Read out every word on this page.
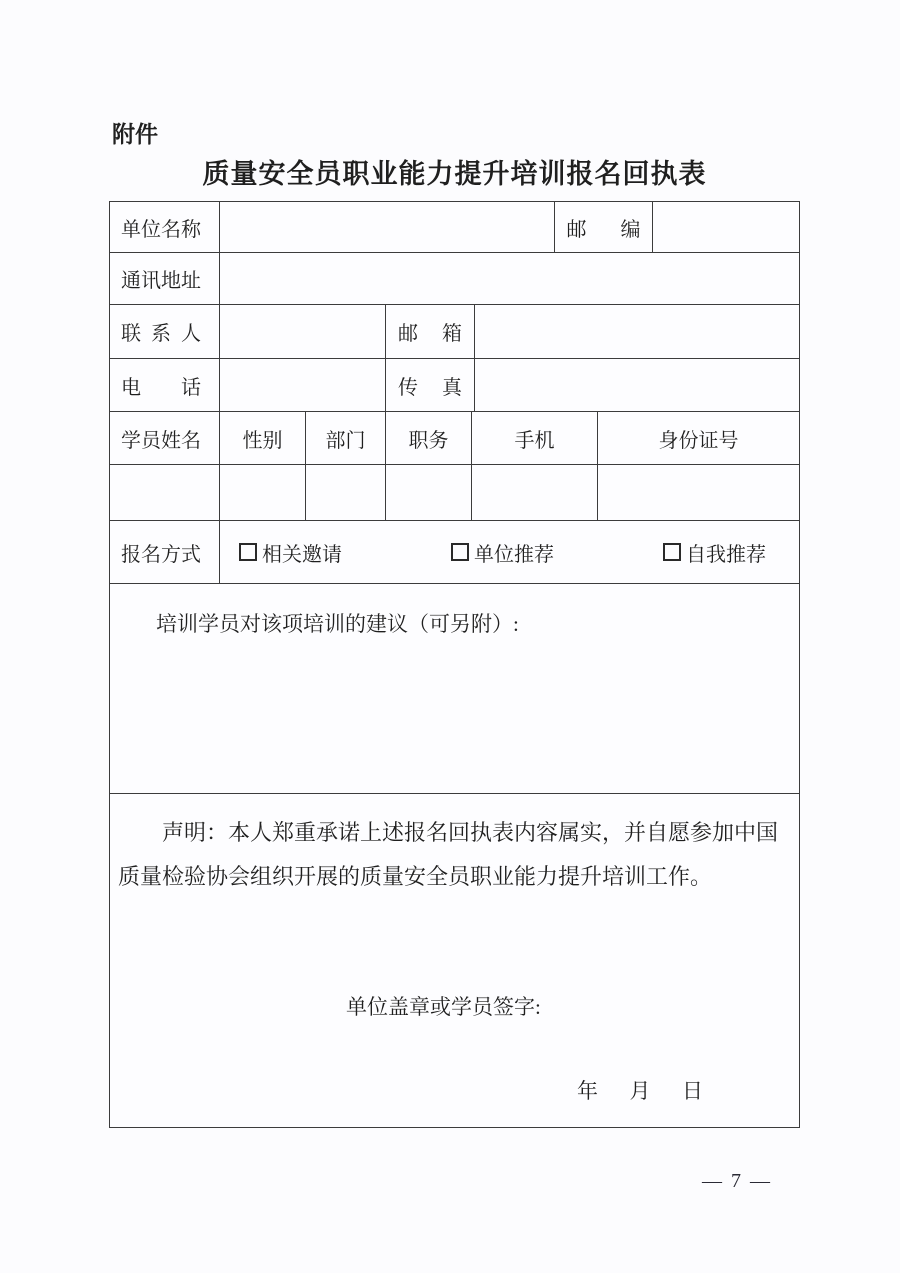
附件
质量安全员职业能力提升培训报名回执表
单位名称	邮编
通讯地址
联系人	邮箱
电话	传真
学员姓名	性别	部门	职务	手机	身份证号
报名方式	相关邀请	单位推荐	自我推荐
培训学员对该项培训的建议（可另附）:
声明：本人郑重承诺上述报名回执表内容属实，并自愿参加中国
质量检验协会组织开展的质量安全员职业能力提升培训工作。
单位盖章或学员签字:
年 月 日
— 7 —
